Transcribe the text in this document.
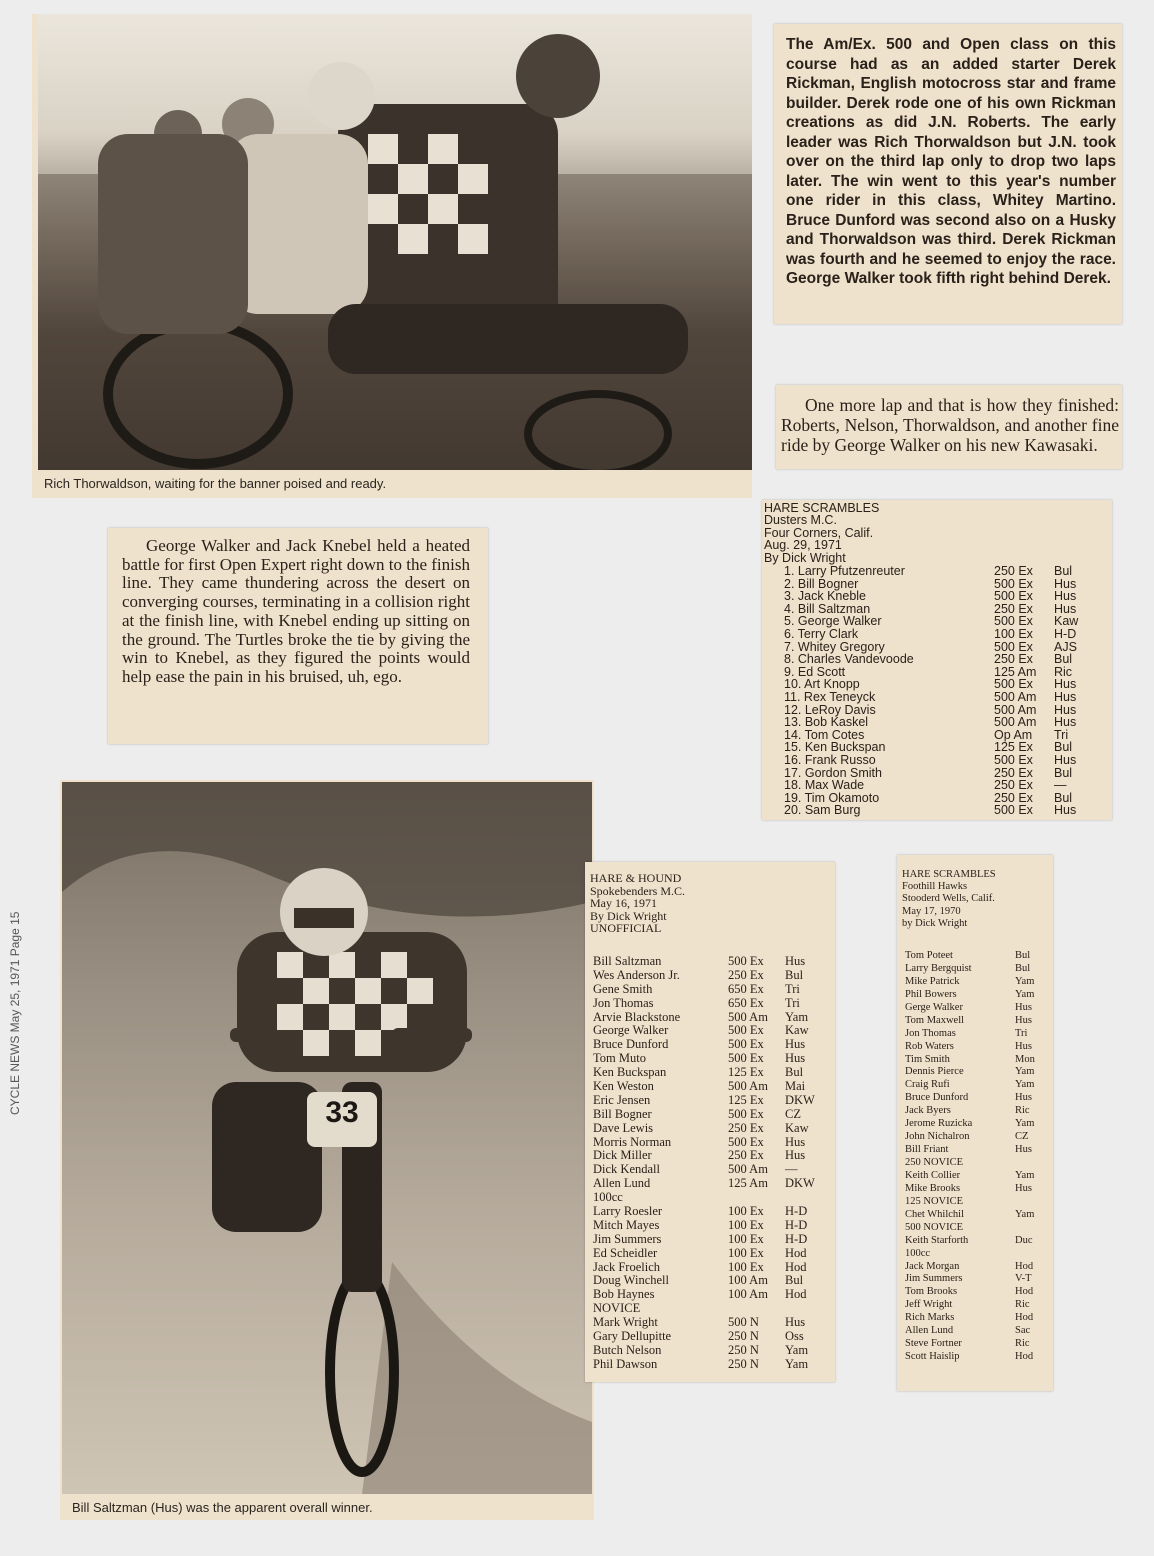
CYCLE NEWS May 25, 1971 Page 15
Rich Thorwaldson, waiting for the banner poised and ready.
The Am/Ex. 500 and Open class on this course had as an added starter Derek Rickman, English motocross star and frame builder. Derek rode one of his own Rickman creations as did J.N. Roberts. The early leader was Rich Thorwaldson but J.N. took over on the third lap only to drop two laps later. The win went to this year's number one rider in this class, Whitey Martino. Bruce Dunford was second also on a Husky and Thorwaldson was third. Derek Rickman was fourth and he seemed to enjoy the race. George Walker took fifth right behind Derek.
One more lap and that is how they finished: Roberts, Nelson, Thorwaldson, and another fine ride by George Walker on his new Kawasaki.
George Walker and Jack Knebel held a heated battle for first Open Expert right down to the finish line. They came thundering across the desert on converging courses, terminating in a collision right at the finish line, with Knebel ending up sitting on the ground. The Turtles broke the tie by giving the win to Knebel, as they figured the points would help ease the pain in his bruised, uh, ego.
HARE SCRAMBLES
Dusters M.C.
Four Corners, Calif.
Aug. 29, 1971
By Dick Wright
1. Larry Pfutzenreuter	250 Ex Bul
2. Bill Bogner	500 Ex Hus
3. Jack Kneble	500 Ex Hus
4. Bill Saltzman	250 Ex Hus
5. George Walker	500 Ex Kaw
6. Terry Clark	100 Ex H-D
7. Whitey Gregory	500 Ex AJS
8. Charles Vandevoode	250 Ex Bul
9. Ed Scott	125 Am Ric
10. Art Knopp	500 Ex Hus
11. Rex Teneyck	500 Am Hus
12. LeRoy Davis	500 Am Hus
13. Bob Kaskel	500 Am Hus
14. Tom Cotes	Op Am Tri
15. Ken Buckspan	125 Ex Bul
16. Frank Russo	500 Ex Hus
17. Gordon Smith	250 Ex Bul
18. Max Wade	250 Ex —
19. Tim Okamoto	250 Ex Bul
20. Sam Burg	500 Ex Hus
33
Bill Saltzman (Hus) was the apparent overall winner.
HARE & HOUND
Spokebenders M.C.
May 16, 1971
By Dick Wright
UNOFFICIAL
Bill Saltzman	500 Ex Hus
Wes Anderson Jr.	250 Ex Bul
Gene Smith	650 Ex Tri
Jon Thomas	650 Ex Tri
Arvie Blackstone	500 Am Yam
George Walker	500 Ex Kaw
Bruce Dunford	500 Ex Hus
Tom Muto	500 Ex Hus
Ken Buckspan	125 Ex Bul
Ken Weston	500 Am Mai
Eric Jensen	125 Ex DKW
Bill Bogner	500 Ex CZ
Dave Lewis	250 Ex Kaw
Morris Norman	500 Ex Hus
Dick Miller	250 Ex Hus
Dick Kendall	500 Am —
Allen Lund	125 Am DKW
100cc
Larry Roesler	100 Ex H-D
Mitch Mayes	100 Ex H-D
Jim Summers	100 Ex H-D
Ed Scheidler	100 Ex Hod
Jack Froelich	100 Ex Hod
Doug Winchell	100 Am Bul
Bob Haynes	100 Am Hod
NOVICE
Mark Wright	500 N Hus
Gary Dellupitte	250 N Oss
Butch Nelson	250 N Yam
Phil Dawson	250 N Yam
HARE SCRAMBLES
Foothill Hawks
Stooderd Wells, Calif.
May 17, 1970
by Dick Wright
Tom Poteet	Bul
Larry Bergquist	Bul
Mike Patrick	Yam
Phil Bowers	Yam
Gerge Walker	Hus
Tom Maxwell	Hus
Jon Thomas	Tri
Rob Waters	Hus
Tim Smith	Mon
Dennis Pierce	Yam
Craig Rufi	Yam
Bruce Dunford	Hus
Jack Byers	Ric
Jerome Ruzicka	Yam
John Nichalron	CZ
Bill Friant	Hus
250 NOVICE
Keith Collier	Yam
Mike Brooks	Hus
125 NOVICE
Chet Whilchil	Yam
500 NOVICE
Keith Starforth	Duc
100cc
Jack Morgan	Hod
Jim Summers	V-T
Tom Brooks	Hod
Jeff Wright	Ric
Rich Marks	Hod
Allen Lund	Sac
Steve Fortner	Ric
Scott Haislip	Hod
